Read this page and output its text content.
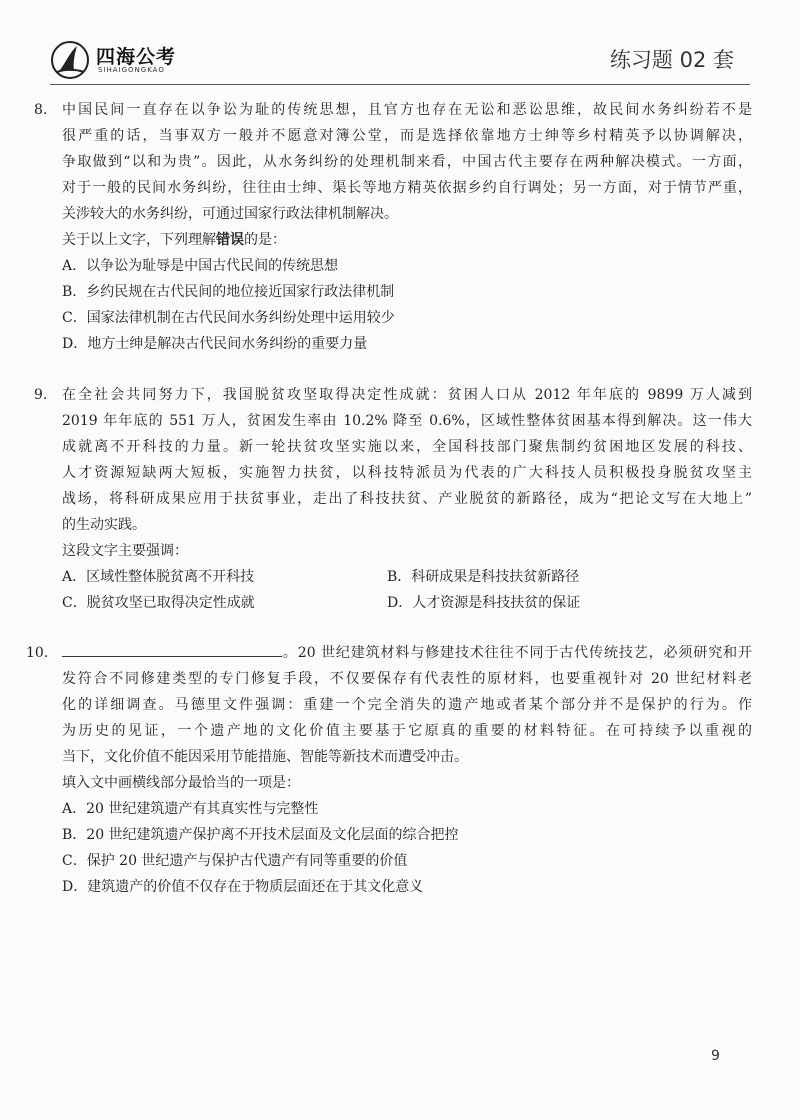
四海公考
SIHAIGONGKAO	练习题 02 套
8. 中国民间一直存在以争讼为耻的传统思想，且官方也存在无讼和恶讼思维，故民间水务纠纷若不是
很严重的话，当事双方一般并不愿意对簿公堂，而是选择依靠地方士绅等乡村精英予以协调解决，
争取做到“以和为贵”。因此，从水务纠纷的处理机制来看，中国古代主要存在两种解决模式。一方面，
对于一般的民间水务纠纷，往往由士绅、渠长等地方精英依据乡约自行调处；另一方面，对于情节严重，
关涉较大的水务纠纷，可通过国家行政法律机制解决。

关于以上文字，下列理解错误的是：

A．以争讼为耻辱是中国古代民间的传统思想
B．乡约民规在古代民间的地位接近国家行政法律机制
C．国家法律机制在古代民间水务纠纷处理中运用较少
D．地方士绅是解决古代民间水务纠纷的重要力量
9. 在全社会共同努力下，我国脱贫攻坚取得决定性成就：贫困人口从 2012 年年底的 9899 万人减到
2019 年年底的 551 万人，贫困发生率由 10.2% 降至 0.6%，区域性整体贫困基本得到解决。这一伟大
成就离不开科技的力量。新一轮扶贫攻坚实施以来，全国科技部门聚焦制约贫困地区发展的科技、
人才资源短缺两大短板，实施智力扶贫，以科技特派员为代表的广大科技人员积极投身脱贫攻坚主
战场，将科研成果应用于扶贫事业，走出了科技扶贫、产业脱贫的新路径，成为“把论文写在大地上”
的生动实践。

这段文字主要强调：

A．区域性整体脱贫离不开科技	B．科研成果是科技扶贫新路径
C．脱贫攻坚已取得决定性成就	D．人才资源是科技扶贫的保证
10.	。20 世纪建筑材料与修建技术往往不同于古代传统技艺，必须研究和开
发符合不同修建类型的专门修复手段，不仅要保存有代表性的原材料，也要重视针对 20 世纪材料老
化的详细调查。马德里文件强调：重建一个完全消失的遗产地或者某个部分并不是保护的行为。作
为历史的见证，一个遗产地的文化价值主要基于它原真的重要的材料特征。在可持续予以重视的
当下，文化价值不能因采用节能措施、智能等新技术而遭受冲击。

填入文中画横线部分最恰当的一项是：

A．20 世纪建筑遗产有其真实性与完整性
B．20 世纪建筑遗产保护离不开技术层面及文化层面的综合把控
C．保护 20 世纪遗产与保护古代遗产有同等重要的价值
D．建筑遗产的价值不仅存在于物质层面还在于其文化意义
9
